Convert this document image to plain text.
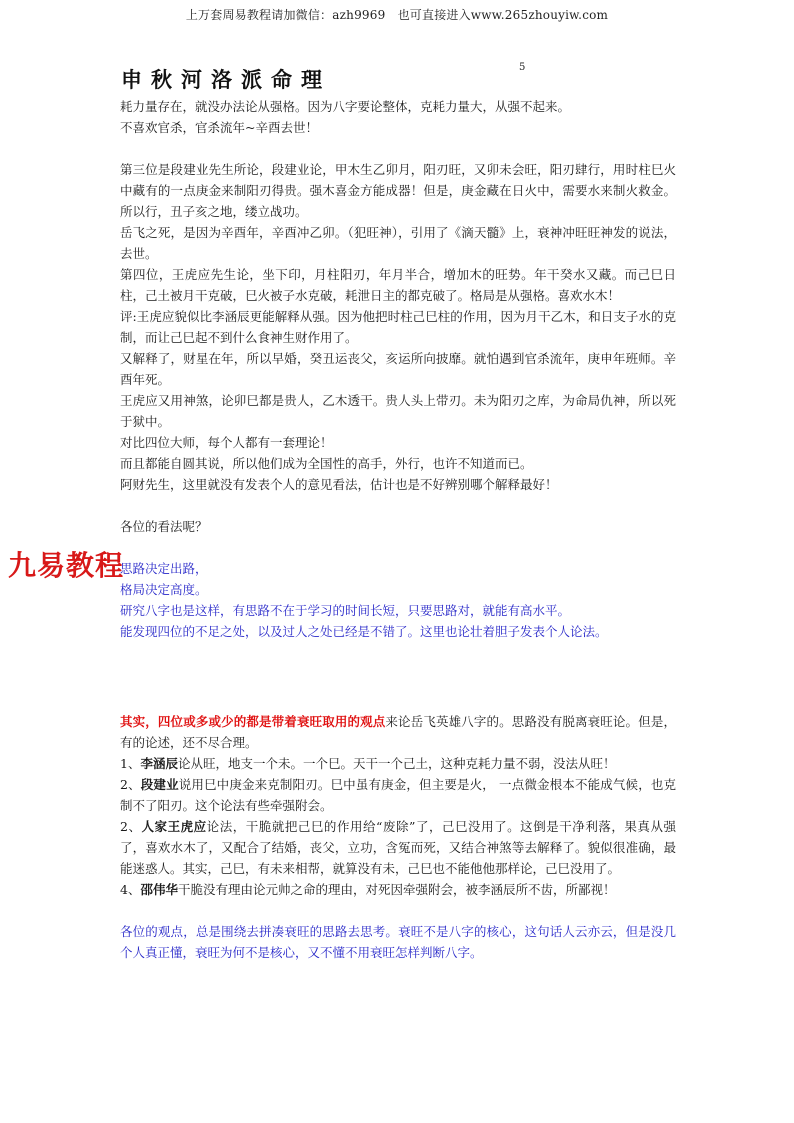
上万套周易教程请加微信：azh9969　也可直接进入www.265zhouyiw.com
5
申秋河洛派命理

耗力量存在，就没办法论从强格。因为八字要论整体，克耗力量大，从强不起来。

不喜欢官杀，官杀流年~辛酉去世！

第三位是段建业先生所论，段建业论，甲木生乙卯月，阳刃旺，又卯未会旺，阳刃肆行，用时柱巳火中藏有的一点庚金来制阳刃得贵。强木喜金方能成器！但是，庚金藏在日火中，需要水来制火救金。所以行，丑子亥之地，缕立战功。

岳飞之死，是因为辛酉年，辛酉冲乙卯。（犯旺神），引用了《滴天髓》上，衰神冲旺旺神发的说法，去世。

第四位，王虎应先生论，坐下印，月柱阳刃，年月半合，增加木的旺势。年干癸水又藏。而己巳日柱，己土被月干克破，巳火被子水克破，耗泄日主的都克破了。格局是从强格。喜欢水木！

评:王虎应貌似比李涵辰更能解释从强。因为他把时柱己巳柱的作用，因为月干乙木，和日支子水的克制，而让己巳起不到什么食神生财作用了。

又解释了，财星在年，所以早婚，癸丑运丧父，亥运所向披靡。就怕遇到官杀流年，庚申年班师。辛酉年死。

王虎应又用神煞，论卯巳都是贵人，乙木透干。贵人头上带刃。未为阳刃之库，为命局仇神，所以死于狱中。

对比四位大师，每个人都有一套理论！

而且都能自圆其说，所以他们成为全国性的高手，外行，也许不知道而已。

阿财先生，这里就没有发表个人的意见看法，估计也是不好辨别哪个解释最好！

各位的看法呢？

思路决定出路，

格局决定高度。

研究八字也是这样，有思路不在于学习的时间长短，只要思路对，就能有高水平。

能发现四位的不足之处，以及过人之处已经是不错了。这里也论壮着胆子发表个人论法。

其实，四位或多或少的都是带着衰旺取用的观点来论岳飞英雄八字的。思路没有脱离衰旺论。但是，有的论述，还不尽合理。

1、李涵辰论从旺，地支一个未。一个巳。天干一个己土，这种克耗力量不弱，没法从旺！

2、段建业说用巳中庚金来克制阳刃。巳中虽有庚金，但主要是火， 一点微金根本不能成气候，也克制不了阳刃。这个论法有些牵强附会。

2、人家王虎应论法，干脆就把己巳的作用给“废除”了，己巳没用了。这倒是干净利落，果真从强了，喜欢水木了，又配合了结婚，丧父，立功，含冤而死，又结合神煞等去解释了。貌似很准确，最能迷惑人。其实，己巳，有未来相帮，就算没有未，己巳也不能他他那样论，己巳没用了。

4、邵伟华干脆没有理由论元帅之命的理由，对死因牵强附会，被李涵辰所不齿，所鄙视！

各位的观点，总是围绕去拼凑衰旺的思路去思考。衰旺不是八字的核心，这句话人云亦云，但是没几个人真正懂，衰旺为何不是核心，又不懂不用衰旺怎样判断八字。

九易教程
